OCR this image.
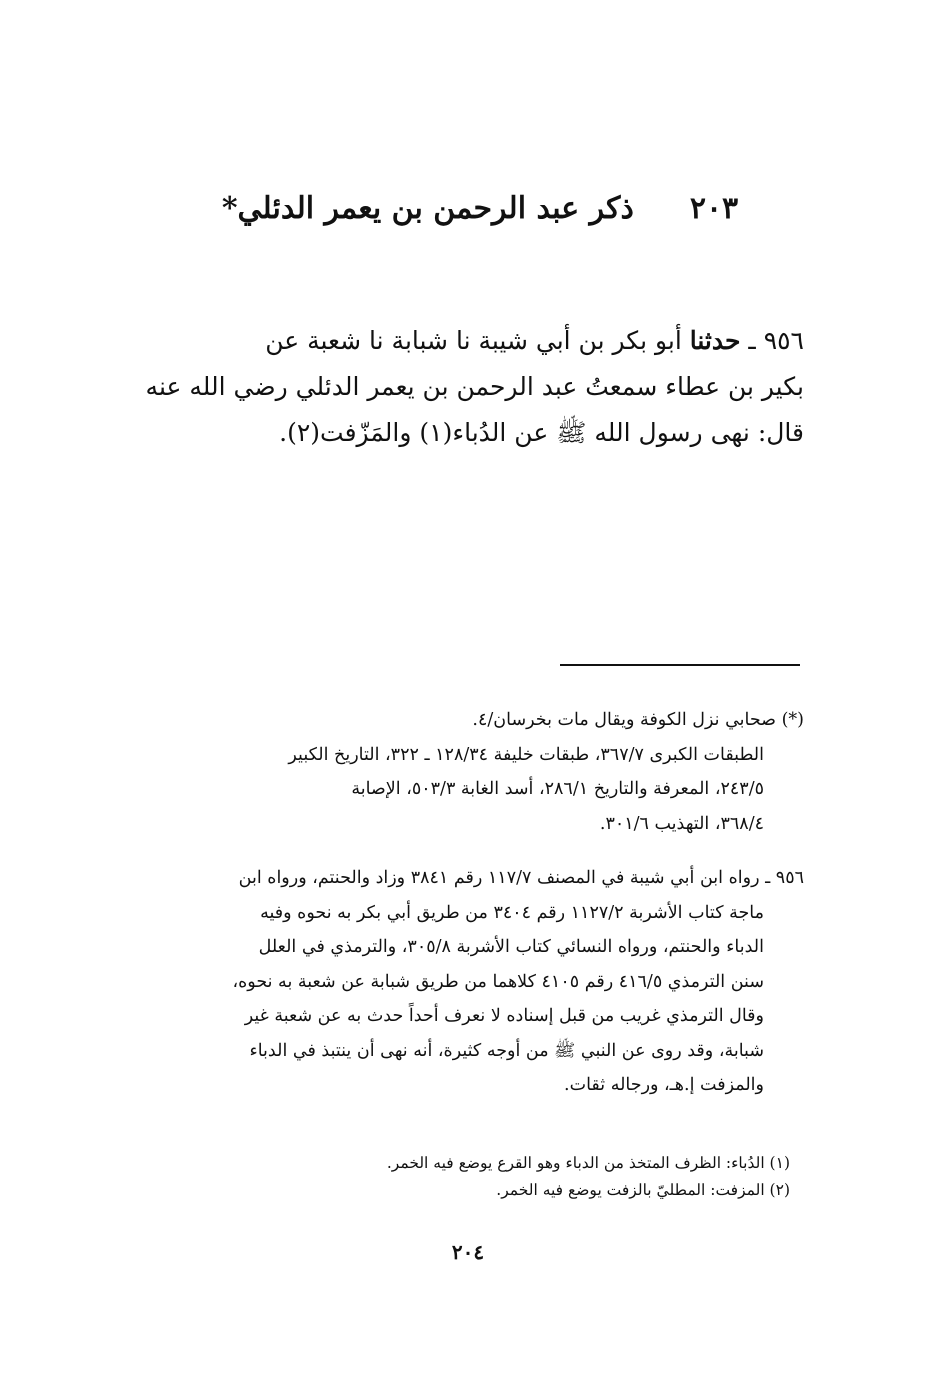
٢٠٣
ذكر عبد الرحمن بن يعمر الدئلي*
٩٥٦ ـ حدثنا أبو بكر بن أبي شيبة نا شبابة نا شعبة عن
بكير بن عطاء سمعتُ عبد الرحمن بن يعمر الدئلي رضي الله عنه
قال: نهى رسول الله ﷺ عن الدُباء(١) والمَزّفت(٢).
(*) صحابي نزل الكوفة ويقال مات بخرسان/٤.
الطبقات الكبرى ٣٦٧/٧، طبقات خليفة ١٢٨/٣٤ ـ ٣٢٢، التاريخ الكبير
٢٤٣/٥، المعرفة والتاريخ ٢٨٦/١، أسد الغابة ٥٠٣/٣، الإصابة
٣٦٨/٤، التهذيب ٣٠١/٦.
٩٥٦ ـ رواه ابن أبي شيبة في المصنف ١١٧/٧ رقم ٣٨٤١ وزاد والحنتم، ورواه ابن
ماجة كتاب الأشربة ١١٢٧/٢ رقم ٣٤٠٤ من طريق أبي بكر به نحوه وفيه
الدباء والحنتم، ورواه النسائي كتاب الأشربة ٣٠٥/٨، والترمذي في العلل
سنن الترمذي ٤١٦/٥ رقم ٤١٠٥ كلاهما من طريق شبابة عن شعبة به نحوه،
وقال الترمذي غريب من قبل إسناده لا نعرف أحداً حدث به عن شعبة غير
شبابة، وقد روى عن النبي ﷺ من أوجه كثيرة، أنه نهى أن ينتبذ في الدباء
والمزفت إ.هـ، ورجاله ثقات.
(١) الدُباء: الظرف المتخذ من الدباء وهو القرع يوضع فيه الخمر.
(٢) المزفت: المطليّ بالزفت يوضع فيه الخمر.
٢٠٤
